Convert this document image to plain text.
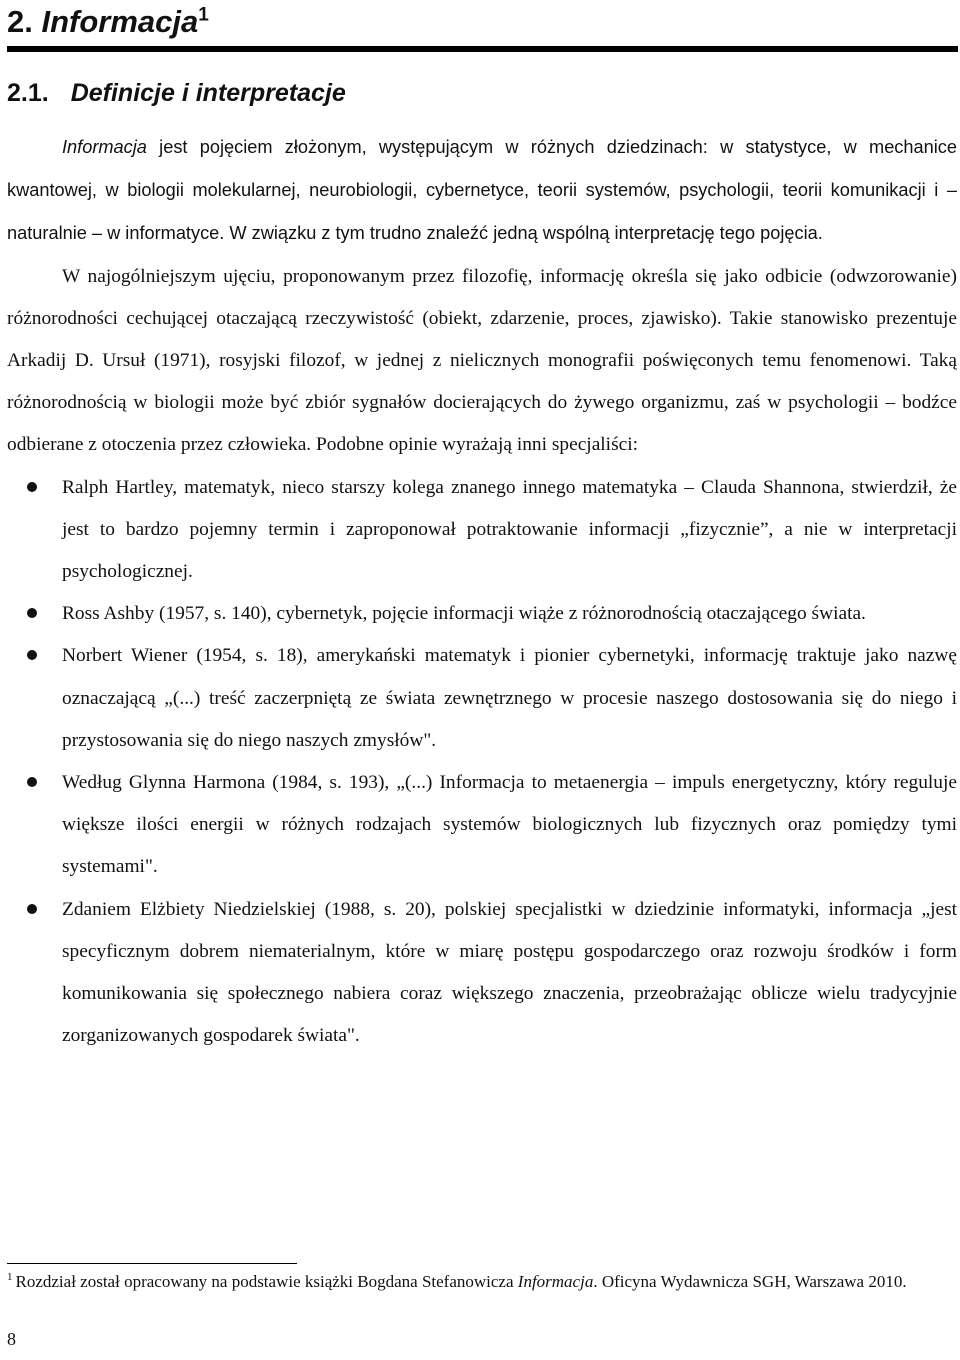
2. Informacja$^1$
2.1. Definicje i interpretacje

Informacja jest pojęciem złożonym, występującym w różnych dziedzinach: w statystyce, w mechanice kwantowej, w biologii molekularnej, neurobiologii, cybernetyce, teorii systemów, psychologii, teorii komunikacji i – naturalnie – w informatyce. W związku z tym trudno znaleźć jedną wspólną interpretację tego pojęcia.

W najogólniejszym ujęciu, proponowanym przez filozofię, informację określa się jako odbicie (odwzorowanie) różnorodności cechującej otaczającą rzeczywistość (obiekt, zdarzenie, proces, zjawisko). Takie stanowisko prezentuje Arkadij D. Ursuł (1971), rosyjski filozof, w jednej z nielicznych monografii poświęconych temu fenomenowi. Taką różnorodnością w biologii może być zbiór sygnałów docierających do żywego organizmu, zaś w psychologii – bodźce odbierane z otoczenia przez człowieka. Podobne opinie wyrażają inni specjaliści:

Ralph Hartley, matematyk, nieco starszy kolega znanego innego matematyka – Clauda Shannona, stwierdził, że jest to bardzo pojemny termin i zaproponował potraktowanie informacji „fizycznie”, a nie w interpretacji psychologicznej.
Ross Ashby (1957, s. 140), cybernetyk, pojęcie informacji wiąże z różnorodnością otaczającego świata.
Norbert Wiener (1954, s. 18), amerykański matematyk i pionier cybernetyki, informację traktuje jako nazwę oznaczającą „(...) treść zaczerpniętą ze świata zewnętrznego w procesie naszego dostosowania się do niego i przystosowania się do niego naszych zmysłów".
Według Glynna Harmona (1984, s. 193), „(...) Informacja to metaenergia – impuls energetyczny, który reguluje większe ilości energii w różnych rodzajach systemów biologicznych lub fizycznych oraz pomiędzy tymi systemami".
Zdaniem Elżbiety Niedzielskiej (1988, s. 20), polskiej specjalistki w dziedzinie informatyki, informacja „jest specyficznym dobrem niematerialnym, które w miarę postępu gospodarczego oraz rozwoju środków i form komunikowania się społecznego nabiera coraz większego znaczenia, przeobrażając oblicze wielu tradycyjnie zorganizowanych gospodarek świata".

$^1$ Rozdział został opracowany na podstawie książki Bogdana Stefanowicza Informacja. Oficyna Wydawnicza SGH, Warszawa 2010.

8
